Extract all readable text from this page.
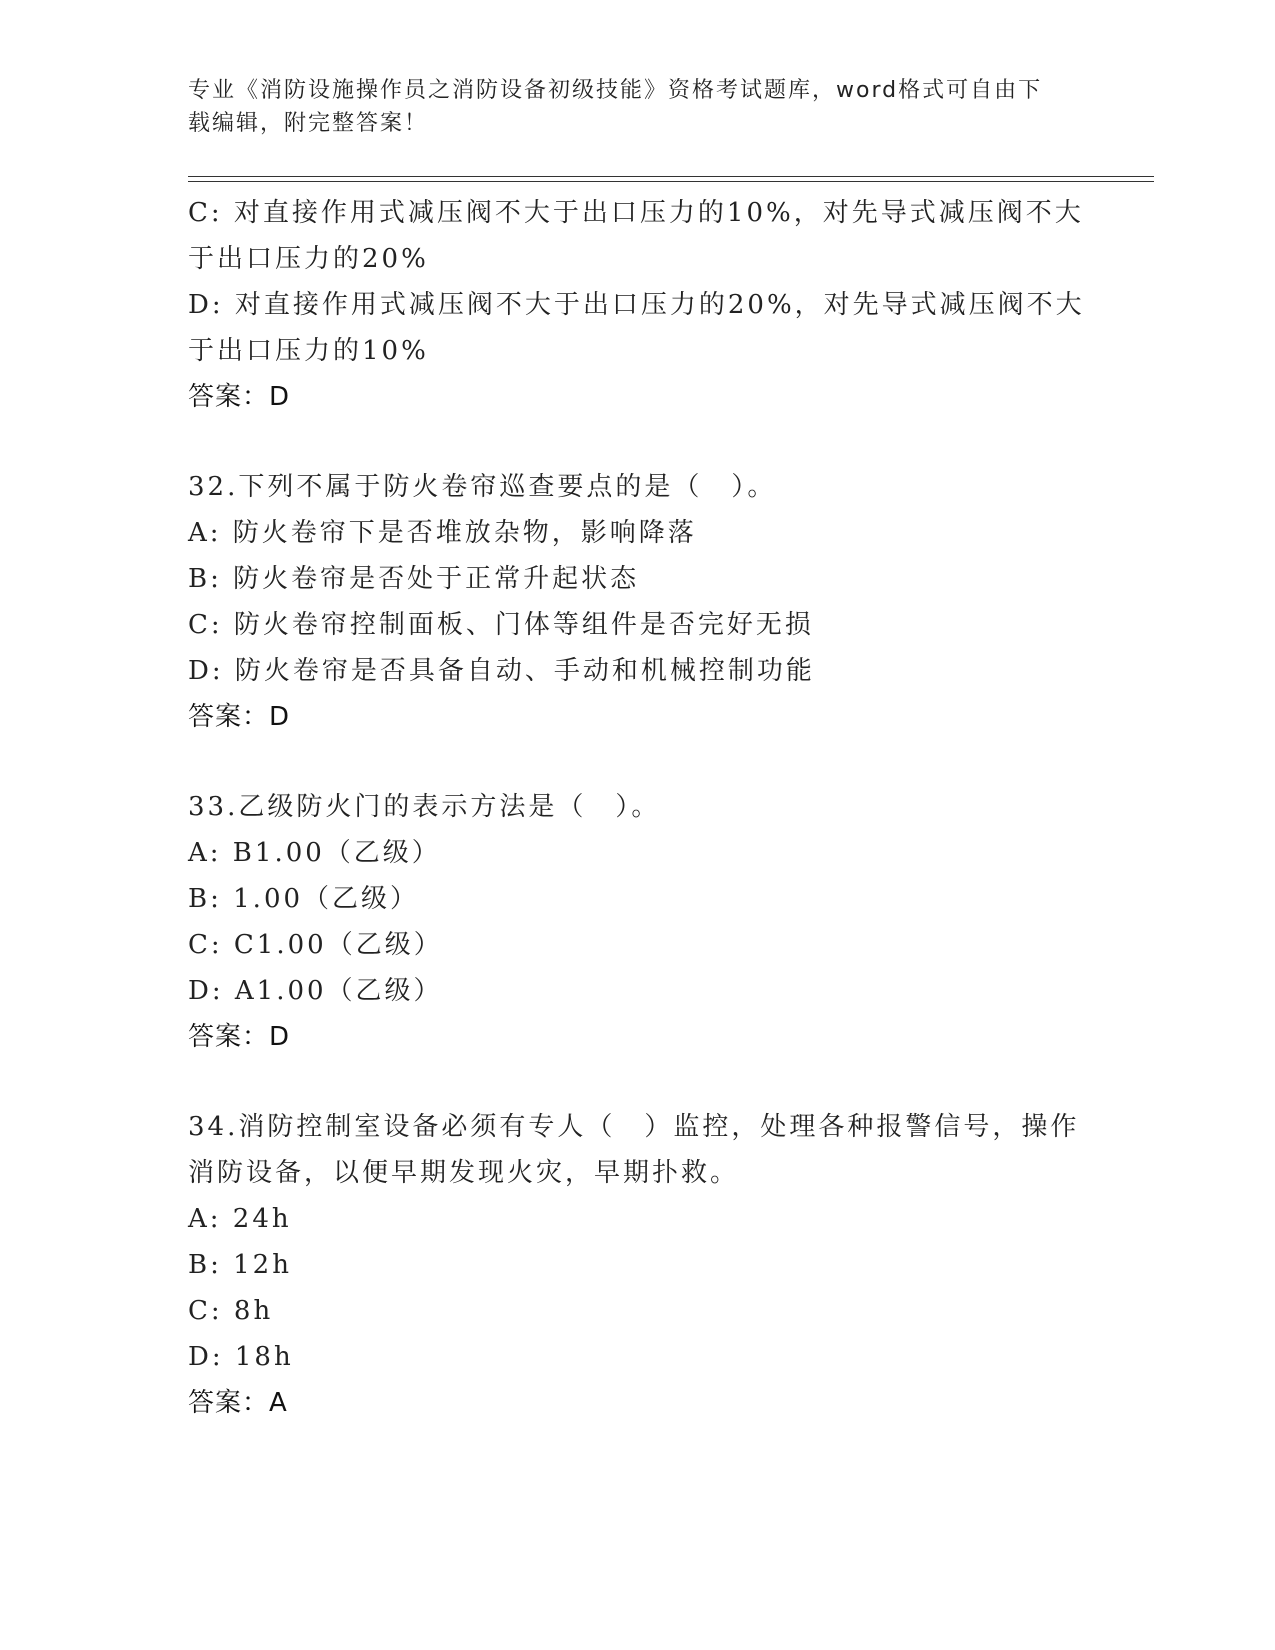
专业《消防设施操作员之消防设备初级技能》资格考试题库，word格式可自由下
载编辑，附完整答案！
C: 对直接作用式减压阀不大于出口压力的10%，对先导式减压阀不大
于出口压力的20%
D: 对直接作用式减压阀不大于出口压力的20%，对先导式减压阀不大
于出口压力的10%
答案：D
32.下列不属于防火卷帘巡查要点的是（　）。
A: 防火卷帘下是否堆放杂物，影响降落
B: 防火卷帘是否处于正常升起状态
C: 防火卷帘控制面板、门体等组件是否完好无损
D: 防火卷帘是否具备自动、手动和机械控制功能
答案：D
33.乙级防火门的表示方法是（　）。
A: B1.00（乙级）
B: 1.00（乙级）
C: C1.00（乙级）
D: A1.00（乙级）
答案：D
34.消防控制室设备必须有专人（　）监控，处理各种报警信号，操作
消防设备，以便早期发现火灾，早期扑救。
A: 24h
B: 12h
C: 8h
D: 18h
答案：A
